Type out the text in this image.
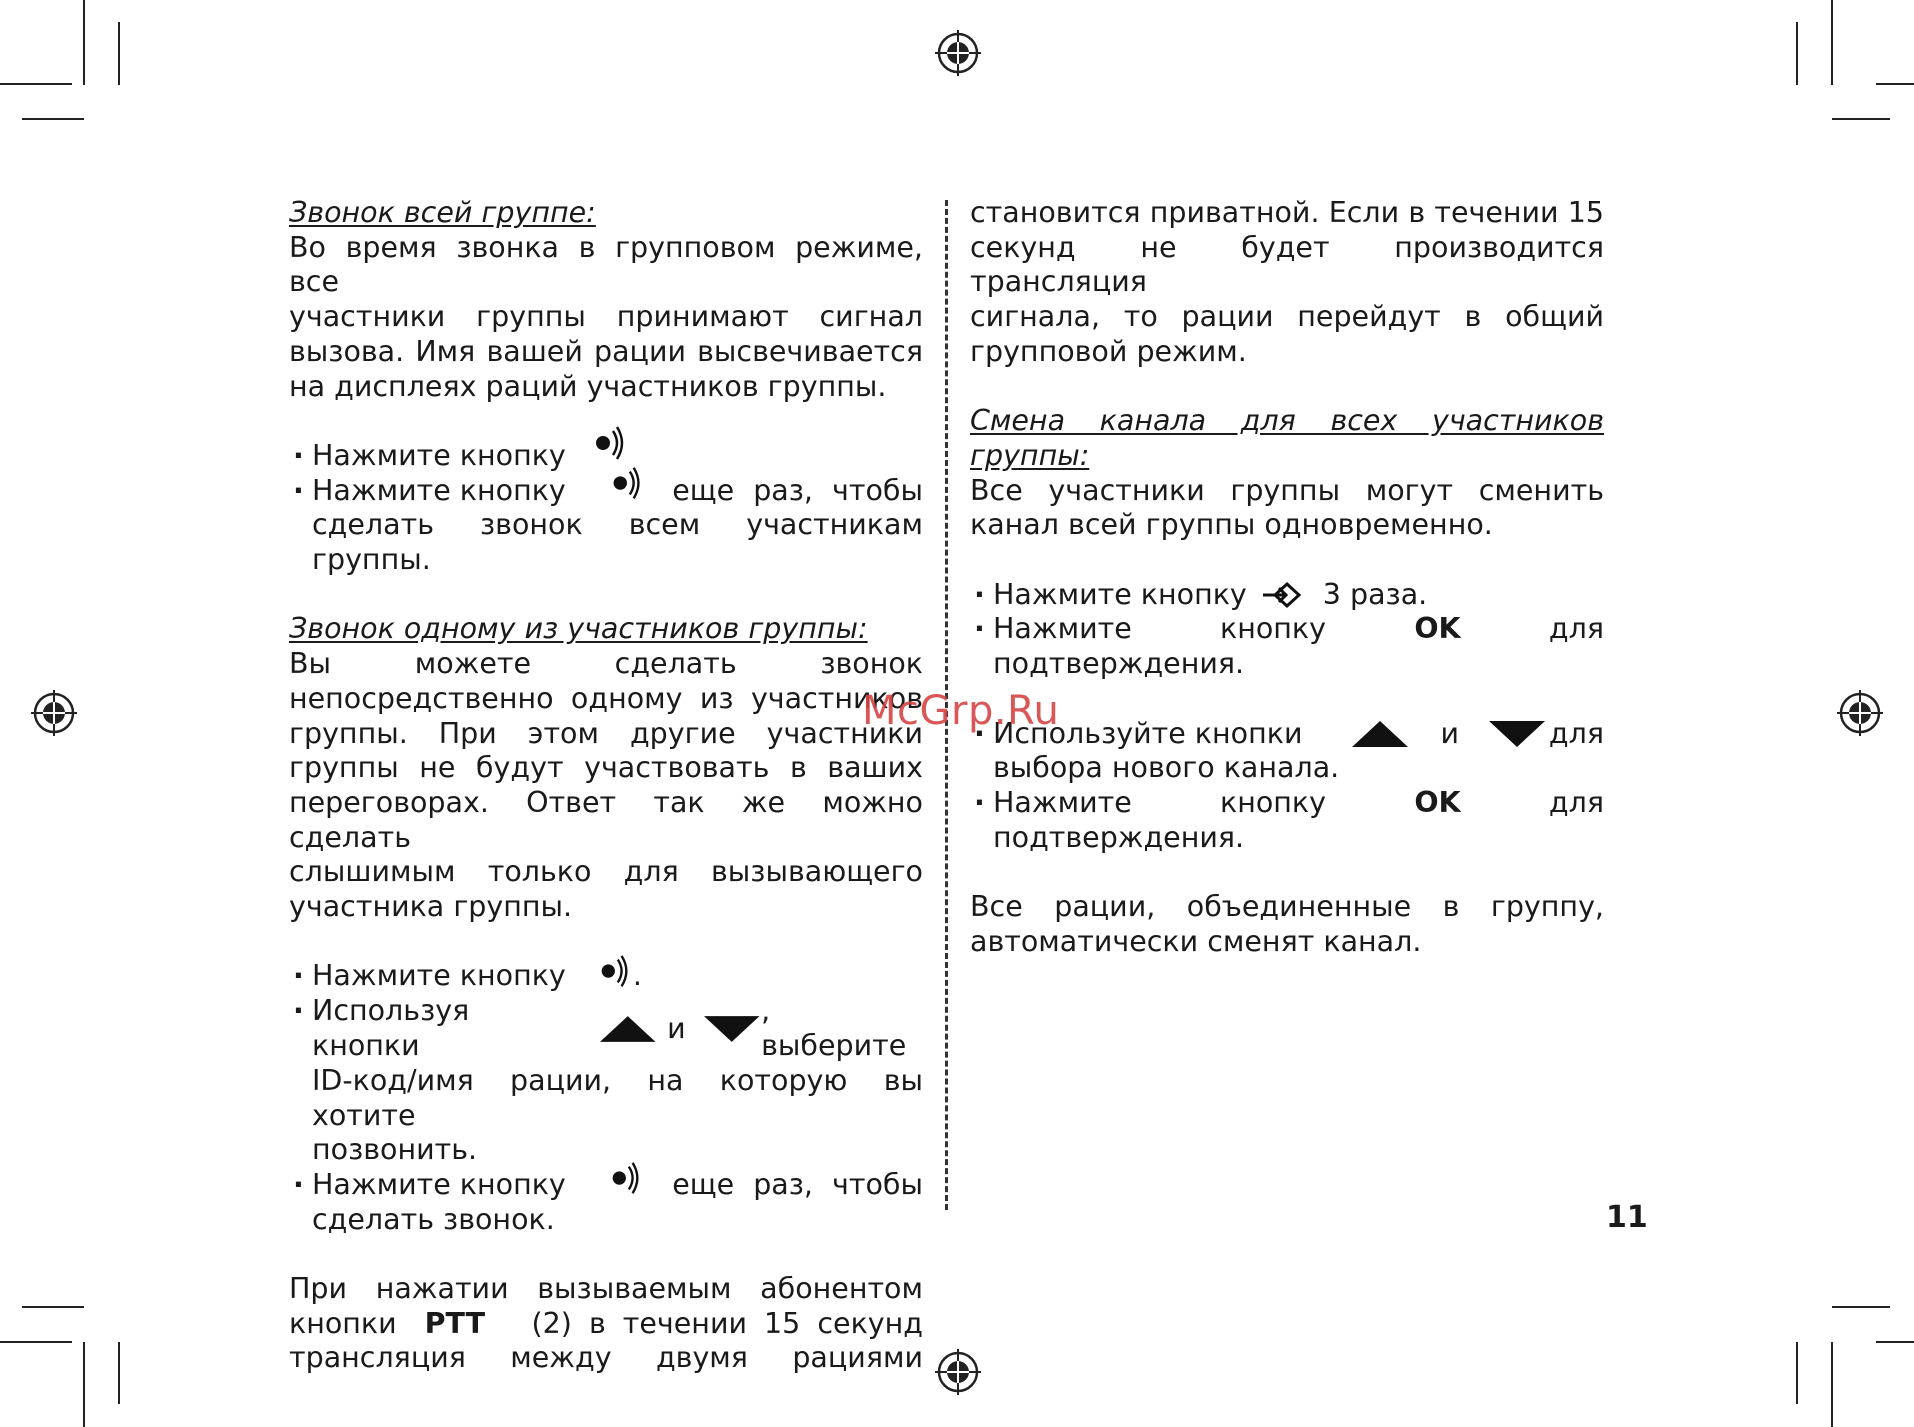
Звонок всей группе:
Во время звонка в групповом режиме, все
участники группы принимают сигнал
вызова. Имя вашей рации высвечивается
на дисплеях раций участников группы.
· Нажмите кнопку
· Нажмите кнопку	еще раз, чтобы
сделать звонок всем участникам группы.
Звонок одному из участников группы:
Вы можете сделать звонок
непосредственно одному из участников
группы. При этом другие участники
группы не будут участвовать в ваших
переговорах. Ответ так же можно сделать
слышимым только для вызывающего
участника группы.
· Нажмите кнопку .
· Используя кнопки
и
, выберите
ID-код/имя рации, на которую вы хотите
позвонить.
· Нажмите кнопку	еще раз, чтобы
сделать звонок.
При нажатии вызываемым абонентом
кнопки PTT (2) в течении 15 секунд
трансляция между двумя рациями
становится приватной. Если в течении 15
секунд не будет производится трансляция
сигнала, то рации перейдут в общий
групповой режим.
Смена канала для всех участников
группы:
Все участники группы могут сменить
канал всей группы одновременно.
· Нажмите кнопку	3 раза.
· Нажмите кнопку	OK	для подтверждения.
· Используйте кнопки	и	для
выбора нового канала.
· Нажмите кнопку	OK	для подтверждения.
Все рации, объединенные в группу,
автоматически сменят канал.
McGrp.Ru
11
